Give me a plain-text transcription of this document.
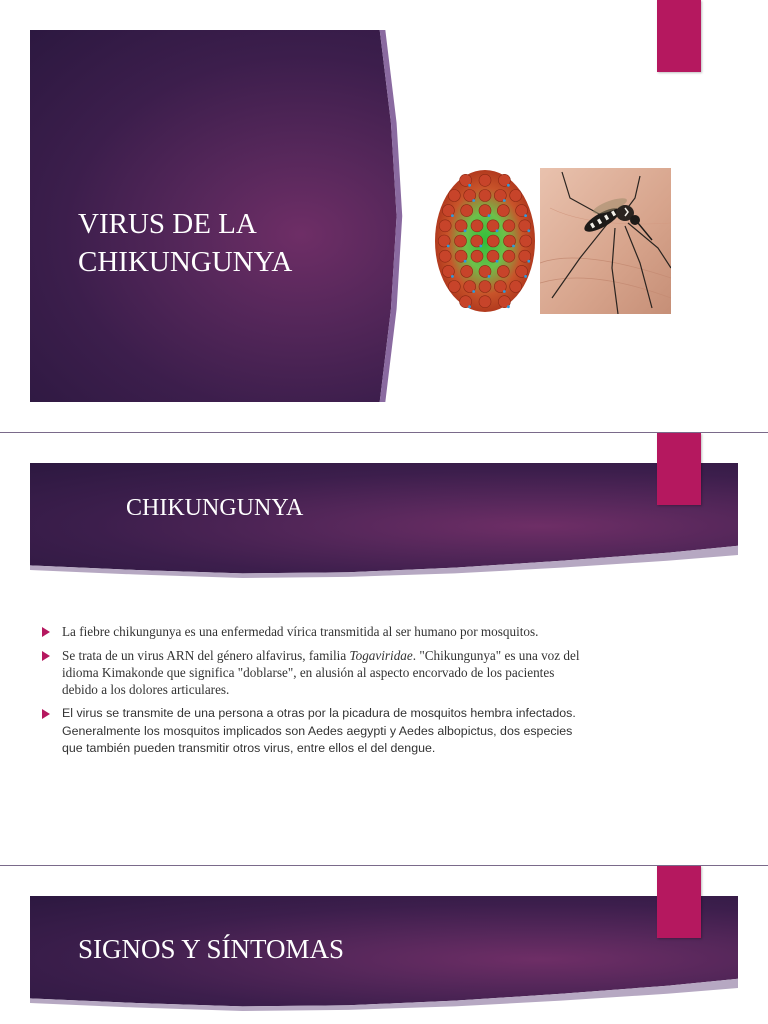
VIRUS DE LA
CHIKUNGUNYA
CHIKUNGUNYA
La fiebre chikungunya es una enfermedad vírica transmitida al ser humano por mosquitos.
Se trata de un virus ARN del género alfavirus, familia Togaviridae. "Chikungunya" es una voz del idioma Kimakonde que significa "doblarse", en alusión al aspecto encorvado de los pacientes debido a los dolores articulares.
El virus se transmite de una persona a otras por la picadura de mosquitos hembra infectados. Generalmente los mosquitos implicados son Aedes aegypti y Aedes albopictus, dos especies que también pueden transmitir otros virus, entre ellos el del dengue.
SIGNOS Y SÍNTOMAS
